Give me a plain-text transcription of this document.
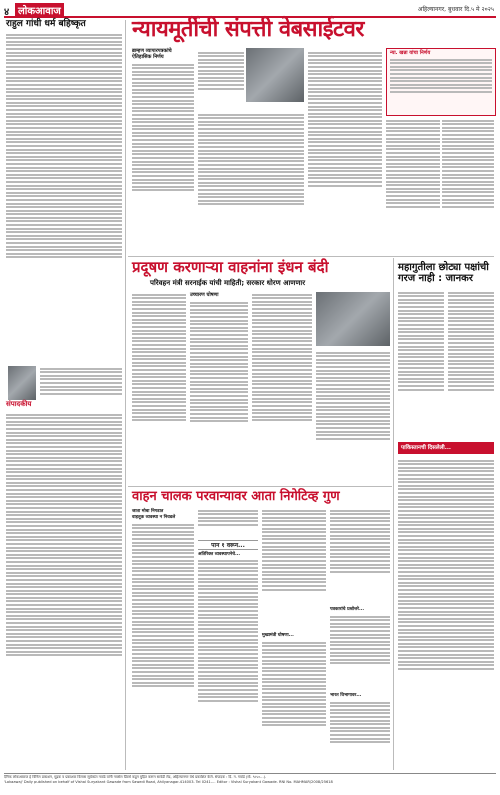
४ लोकआवाज	अहिल्यानगर, बुधवार दि.५ मे २०२५
राहुल गांधी धर्म बहिष्कृत
संपादकीय
न्यायमूर्तीची संपत्ती वेबसाईटवर
ब्राम्हण व्यापारपत्रकांचे
ऐतिहासिक निर्णय
न्या. खन्ना यांचा निर्णय
प्रदूषण करणाऱ्या वाहनांना इंधन बंदी
परिवहन मंत्री सरनाईक यांची माहिती; सरकार धोरण आणणार
उच्चारण घोषणा
महागुतीला छोट्या पक्षांची गरज नाही : जानकर
पाकिस्तानची दिसलेली...
वाहन चालक परवान्यावर आता निगेटिव्ह गुण
जाता मोबा निगडात
वाहतूक व्यवस्था न निवडले
पान १ वरून...
अतिरिक्त व्यवस्थापनेचे...
मुख्यमंत्री घोषणा...
पत्रकारांचे प्रश्नोत्तरे...
भारत विभागावर...
दैनिक लोकआवाज हे विनिल प्रकाशन, मुद्रक व प्रकाशक विलास सूर्यकांत गवांडे यांनी नवसेरा प्रिंटर्स कडून मुद्रित करून सावेडी रोड, अहिल्यानगर येथे प्रकाशित केले. संपादक : दि. ग. गवांडे (मो. ९८५०...).
'Lokaawaj' Daily published on behalf of Vishal Suryakant Gawade from Sawedi Road, Ahilyanagar-414003. Tel 0241-... Editor : Vishal Suryakant Gawade. RNI No. MAHMAR/2008/25618
